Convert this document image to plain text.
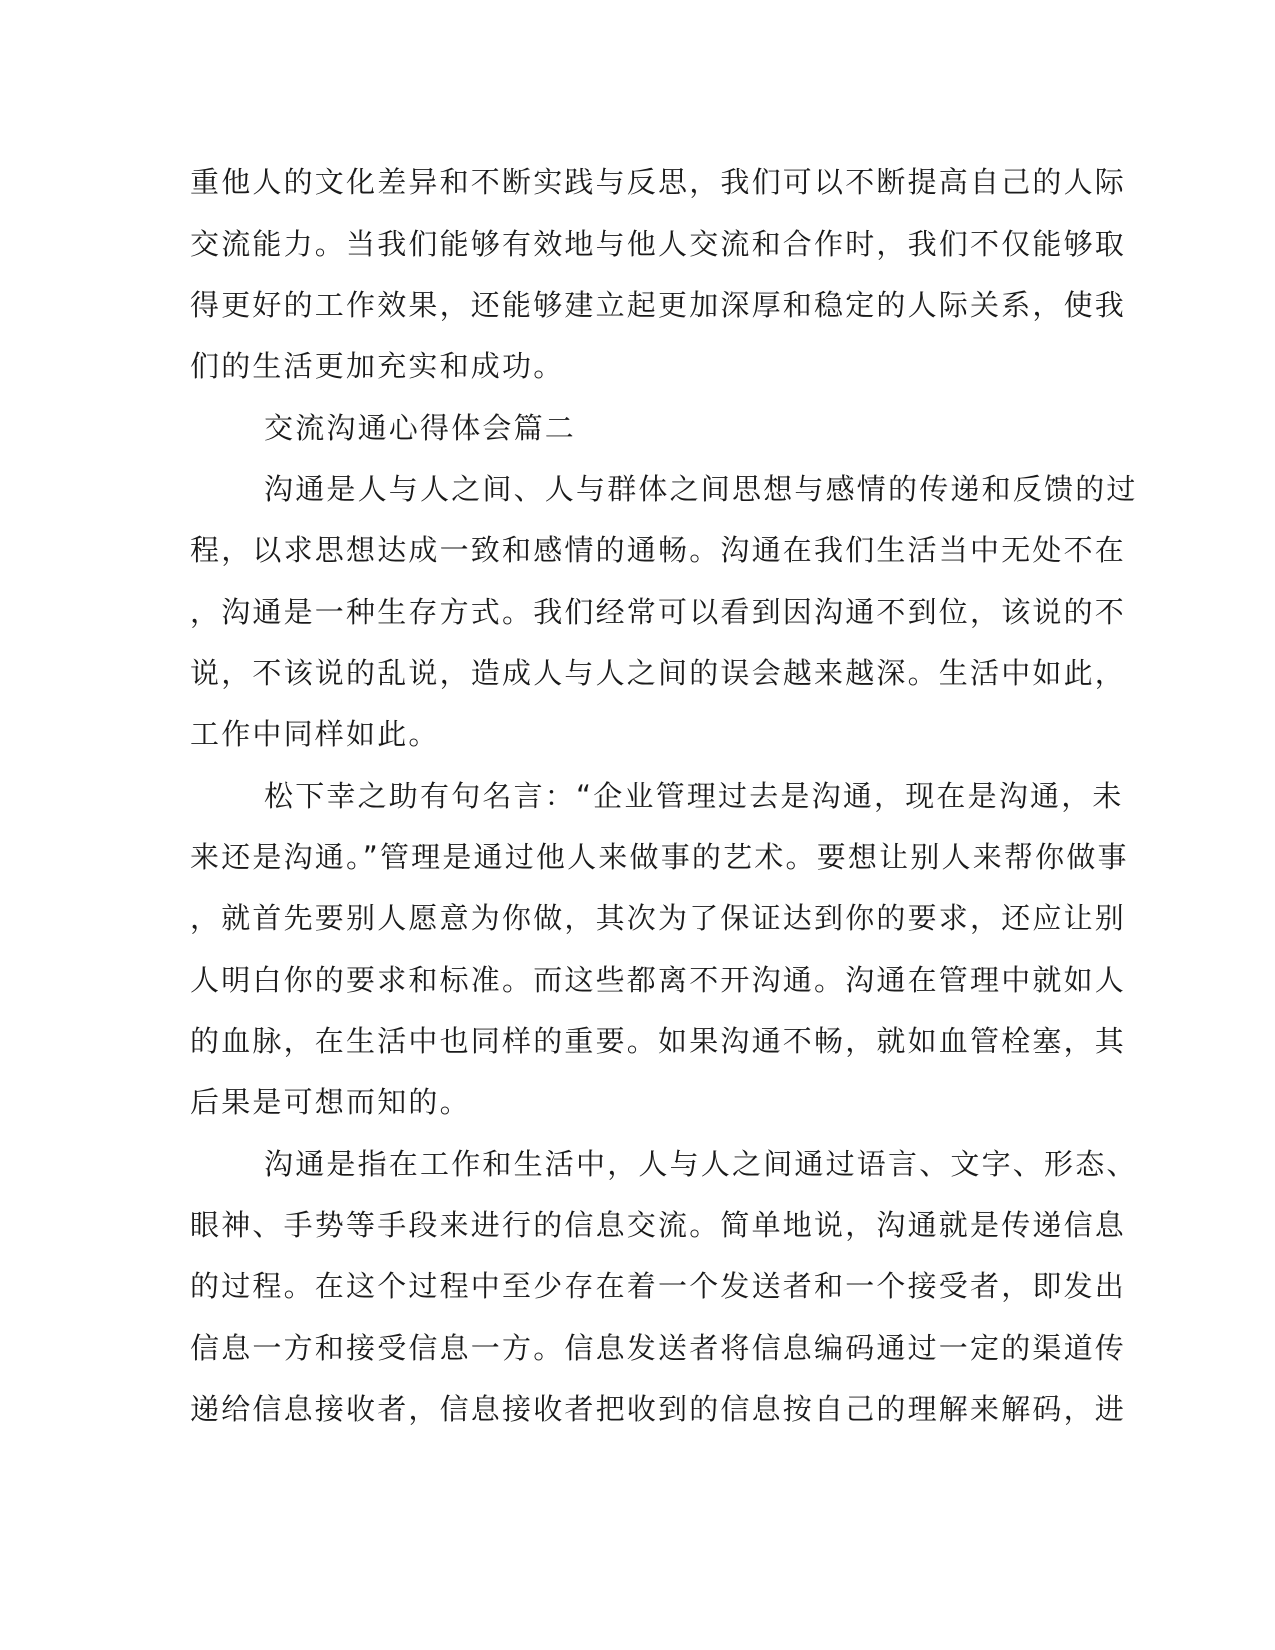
重他人的文化差异和不断实践与反思，我们可以不断提高自己的人际
交流能力。当我们能够有效地与他人交流和合作时，我们不仅能够取
得更好的工作效果，还能够建立起更加深厚和稳定的人际关系，使我
们的生活更加充实和成功。
交流沟通心得体会篇二
沟通是人与人之间、人与群体之间思想与感情的传递和反馈的过
程，以求思想达成一致和感情的通畅。沟通在我们生活当中无处不在
，沟通是一种生存方式。我们经常可以看到因沟通不到位，该说的不
说，不该说的乱说，造成人与人之间的误会越来越深。生活中如此，
工作中同样如此。
松下幸之助有句名言：“企业管理过去是沟通，现在是沟通，未
来还是沟通。”管理是通过他人来做事的艺术。要想让别人来帮你做事
，就首先要别人愿意为你做，其次为了保证达到你的要求，还应让别
人明白你的要求和标准。而这些都离不开沟通。沟通在管理中就如人
的血脉，在生活中也同样的重要。如果沟通不畅，就如血管栓塞，其
后果是可想而知的。
沟通是指在工作和生活中，人与人之间通过语言、文字、形态、
眼神、手势等手段来进行的信息交流。简单地说，沟通就是传递信息
的过程。在这个过程中至少存在着一个发送者和一个接受者，即发出
信息一方和接受信息一方。信息发送者将信息编码通过一定的渠道传
递给信息接收者，信息接收者把收到的信息按自己的理解来解码，进
